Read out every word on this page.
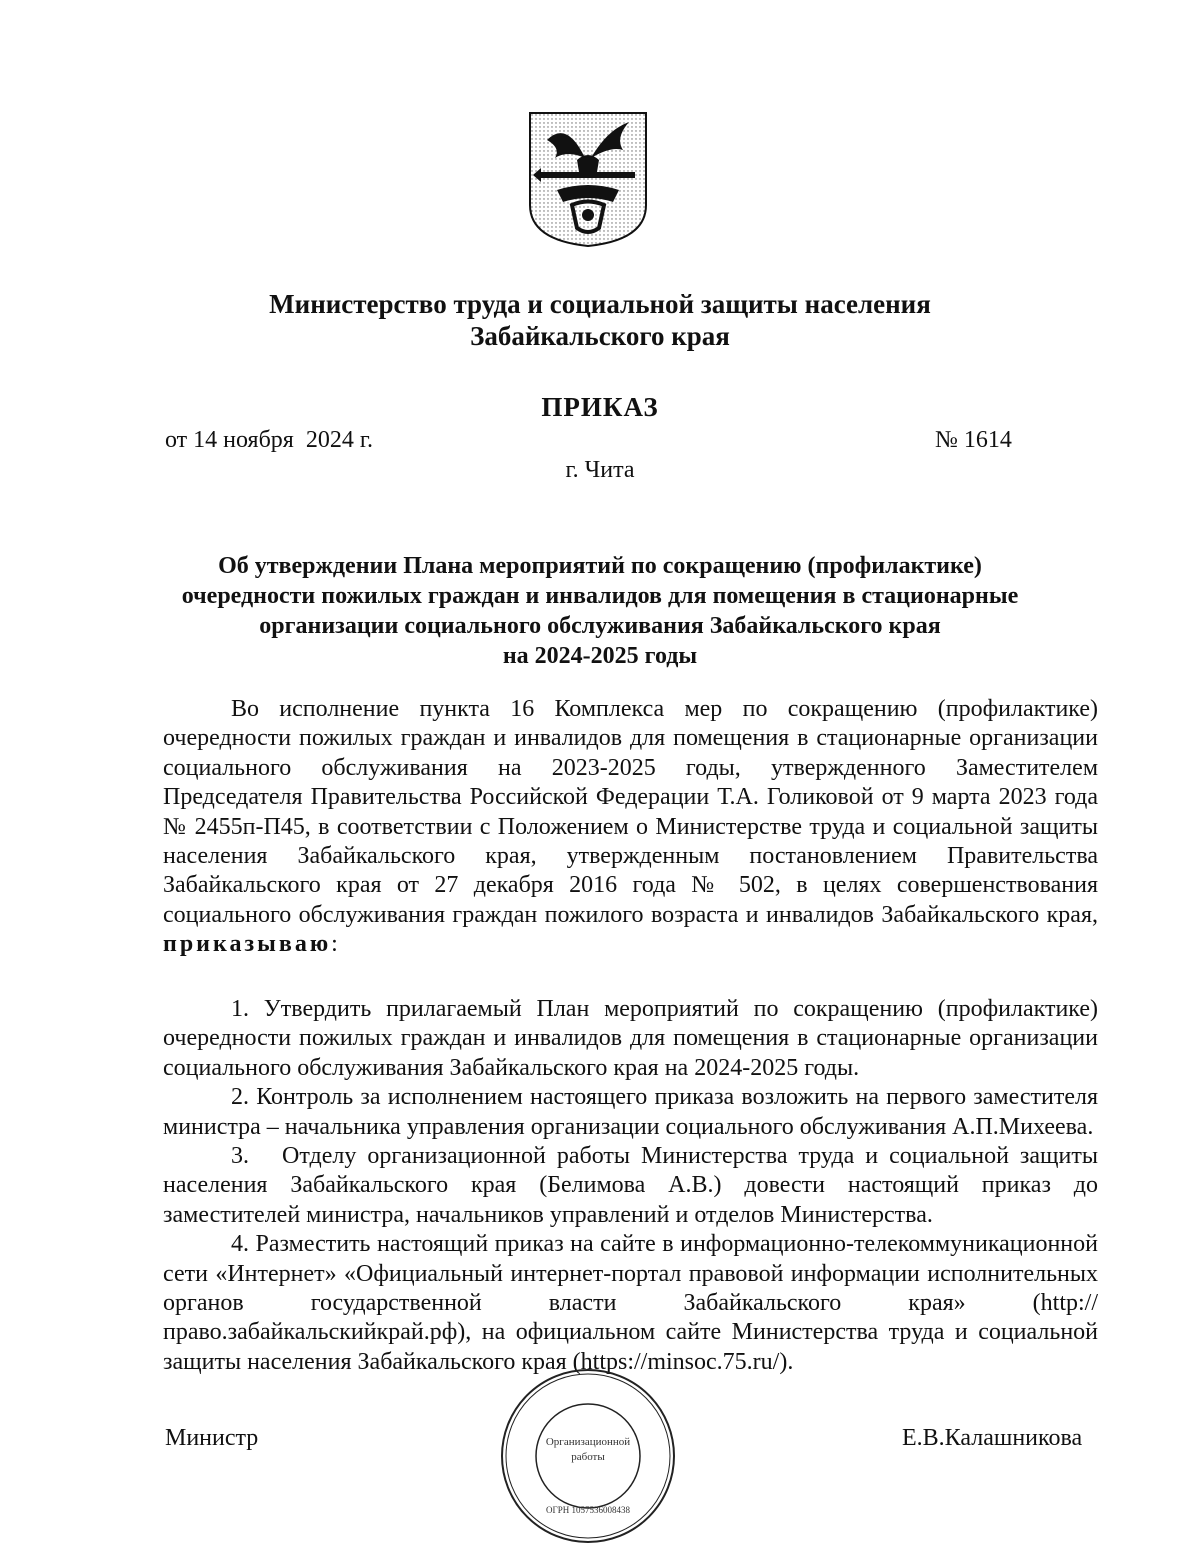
Министерство труда и социальной защиты населения
Забайкальского края
ПРИКАЗ
от 14 ноября  2024 г.	№ 1614
г. Чита
Об утверждении Плана мероприятий по сокращению (профилактике)
очередности пожилых граждан и инвалидов для помещения в стационарные
организации социального обслуживания Забайкальского края
на 2024-2025 годы

Во исполнение пункта 16 Комплекса мер по сокращению (профилактике) очередности пожилых граждан и инвалидов для помещения в стационарные организации социального обслуживания на 2023-2025 годы, утвержденного Заместителем Председателя Правительства Российской Федерации Т.А. Голиковой от 9 марта 2023 года № 2455п-П45, в соответствии с Положением о Министерстве труда и социальной защиты населения Забайкальского края, утвержденным постановлением Правительства Забайкальского края от 27 декабря 2016 года № 502, в целях совершенствования социального обслуживания граждан пожилого возраста и инвалидов Забайкальского края, приказываю:

1. Утвердить прилагаемый План мероприятий по сокращению (профилактике) очередности пожилых граждан и инвалидов для помещения в стационарные организации социального обслуживания Забайкальского края на 2024-2025 годы.

2. Контроль за исполнением настоящего приказа возложить на первого заместителя министра – начальника управления организации социального обслуживания А.П.Михеева.

3.   Отделу организационной работы Министерства труда и социальной защиты населения Забайкальского края (Белимова А.В.) довести настоящий приказ до заместителей министра, начальников управлений и отделов Министерства.

4. Разместить настоящий приказ на сайте в информационно-телекоммуникационной сети «Интернет» «Официальный интернет-портал правовой информации исполнительных органов государственной власти Забайкальского края» (http://право.забайкальскийкрай.рф), на официальном сайте Министерства труда и социальной защиты населения Забайкальского края (https://minsoc.75.ru/).

Министр	Е.В.Калашникова
Организационной
работы
ОГРН 1057536008438
